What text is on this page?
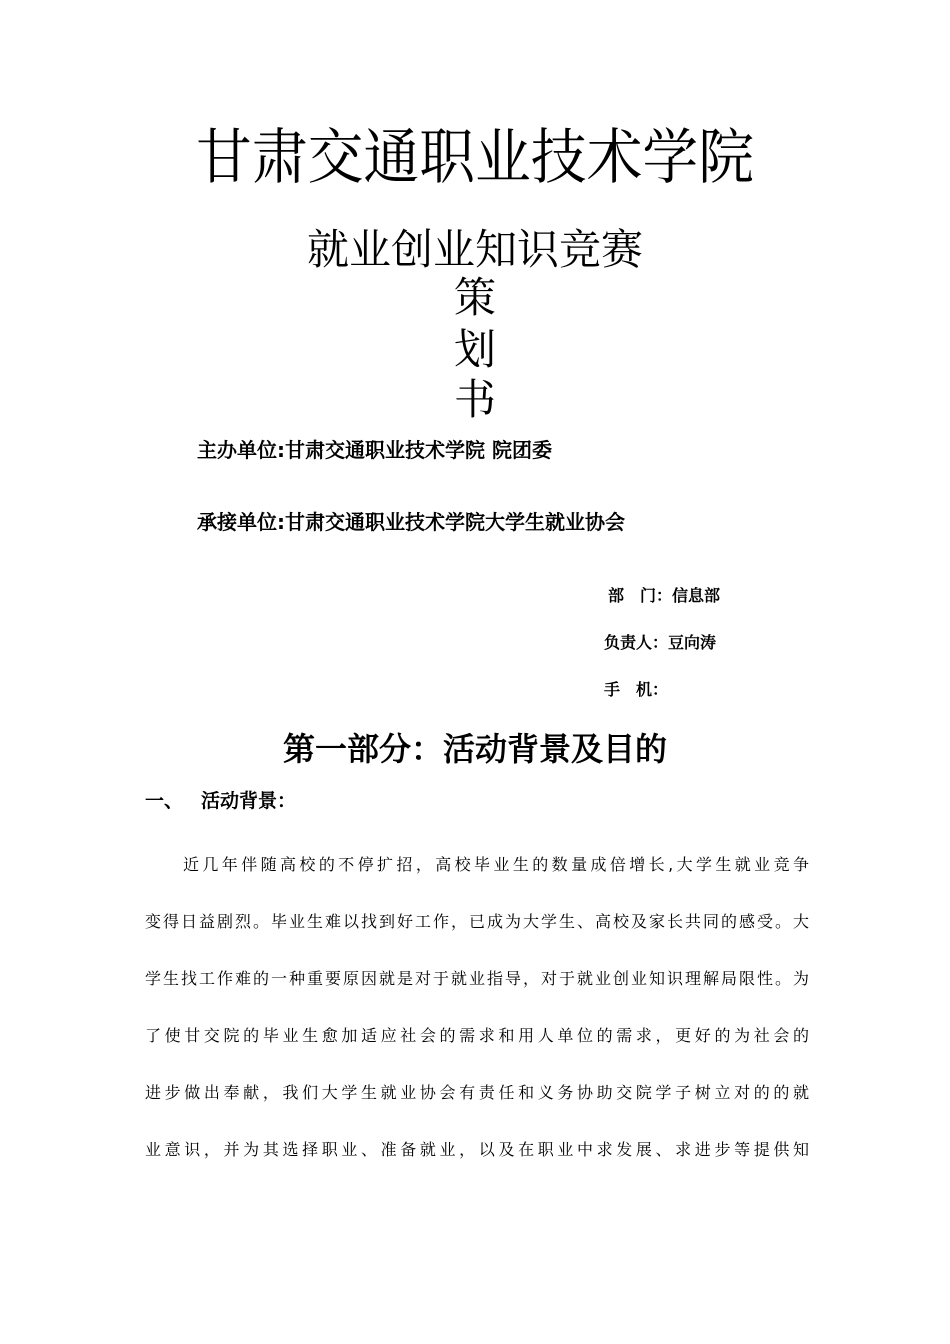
甘肃交通职业技术学院
就业创业知识竞赛
策
划
书
主办单位:甘肃交通职业技术学院 院团委
承接单位:甘肃交通职业技术学院大学生就业协会
部　门：信息部
负责人：豆向涛
手　机：
第一部分：活动背景及目的
一、 活动背景：
近几年伴随高校的不停扩招，高校毕业生的数量成倍增长,大学生就业竞争
变得日益剧烈。毕业生难以找到好工作，已成为大学生、高校及家长共同的感受。大
学生找工作难的一种重要原因就是对于就业指导，对于就业创业知识理解局限性。为
了使甘交院的毕业生愈加适应社会的需求和用人单位的需求，更好的为社会的
进步做出奉献，我们大学生就业协会有责任和义务协助交院学子树立对的的就
业意识，并为其选择职业、准备就业，以及在职业中求发展、求进步等提供知
